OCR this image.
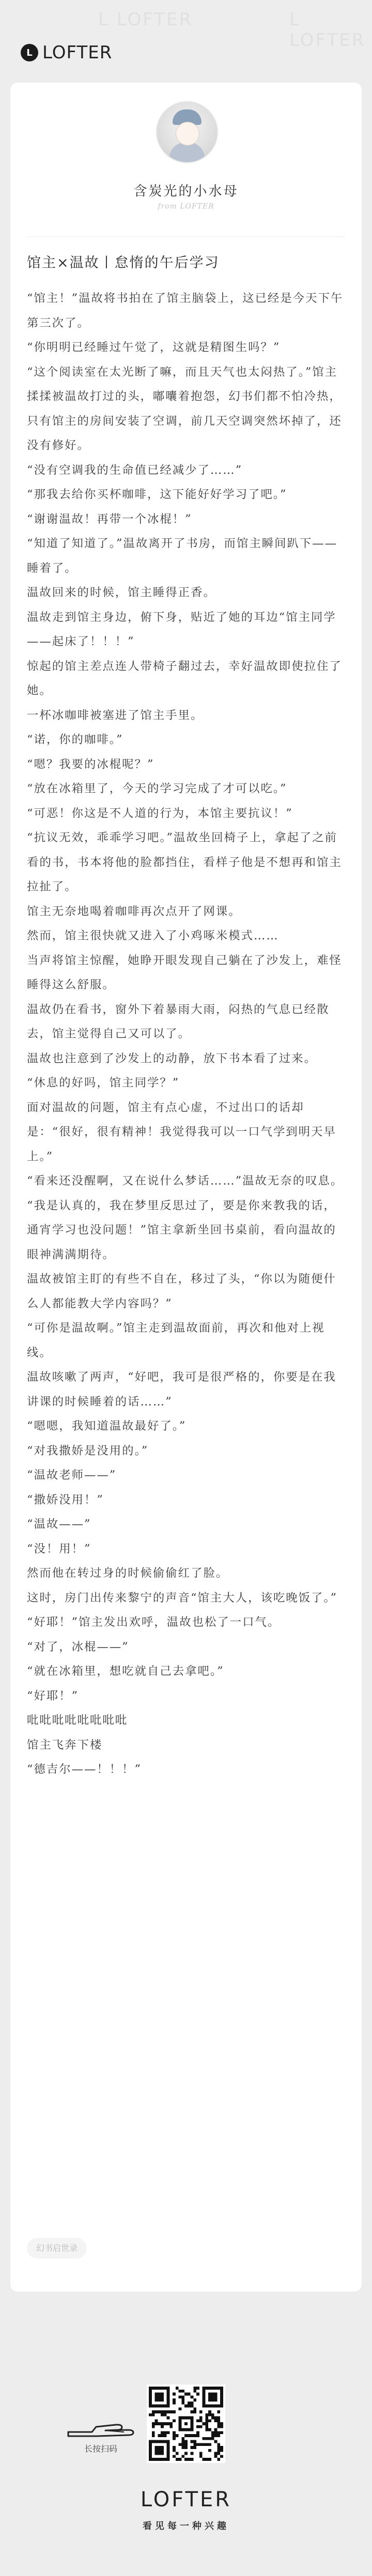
L LOFTER	L LOFTER
L LOFTER
含炭光的小水母
from LOFTER
馆主×温故丨怠惰的午后学习

“馆主！”温故将书拍在了馆主脑袋上，这已经是今天下午第三次了。

“你明明已经睡过午觉了，这就是精图生吗？”

“这个阅读室在太光断了嘛，而且天气也太闷热了。”馆主揉揉被温故打过的头，嘟囔着抱怨，幻书们都不怕冷热，只有馆主的房间安装了空调，前几天空调突然坏掉了，还没有修好。

“没有空调我的生命值已经减少了……”

“那我去给你买杯咖啡，这下能好好学习了吧。”

“谢谢温故！再带一个冰棍！”

“知道了知道了。”温故离开了书房，而馆主瞬间趴下——睡着了。

温故回来的时候，馆主睡得正香。

温故走到馆主身边，俯下身，贴近了她的耳边“馆主同学——起床了！！！”

惊起的馆主差点连人带椅子翻过去，幸好温故即使拉住了她。

一杯冰咖啡被塞进了馆主手里。

“诺，你的咖啡。”

“嗯？我要的冰棍呢？”

“放在冰箱里了，今天的学习完成了才可以吃。”

“可恶！你这是不人道的行为，本馆主要抗议！”

“抗议无效，乖乖学习吧。”温故坐回椅子上，拿起了之前看的书，书本将他的脸都挡住，看样子他是不想再和馆主拉扯了。

馆主无奈地喝着咖啡再次点开了网课。

然而，馆主很快就又进入了小鸡啄米模式……

当声将馆主惊醒，她睁开眼发现自己躺在了沙发上，难怪睡得这么舒服。

温故仍在看书，窗外下着暴雨大雨，闷热的气息已经散去，馆主觉得自己又可以了。

温故也注意到了沙发上的动静，放下书本看了过来。

“休息的好吗，馆主同学？”

面对温故的问题，馆主有点心虚，不过出口的话却是：“很好，很有精神！我觉得我可以一口气学到明天早上。”

“看来还没醒啊，又在说什么梦话……”温故无奈的叹息。

“我是认真的，我在梦里反思过了，要是你来教我的话，通宵学习也没问题！”馆主拿新坐回书桌前，看向温故的眼神满满期待。

温故被馆主盯的有些不自在，移过了头，“你以为随便什么人都能教大学内容吗？”

“可你是温故啊。”馆主走到温故面前，再次和他对上视线。

温故咳嗽了两声，“好吧，我可是很严格的，你要是在我讲课的时候睡着的话……”

“嗯嗯，我知道温故最好了。”

“对我撒娇是没用的。”

“温故老师——”

“撒娇没用！”

“温故——”

“没！用！”

然而他在转过身的时候偷偷红了脸。

这时，房门出传来黎宁的声音“馆主大人，该吃晚饭了。”

“好耶！”馆主发出欢呼，温故也松了一口气。

“对了，冰棍——”

“就在冰箱里，想吃就自己去拿吧。”

“好耶！”

吡吡吡吡吡吡吡吡

馆主飞奔下楼

“德吉尔——！！！”

幻书启世录
长按扫码
LOFTER
看见每一种兴趣
